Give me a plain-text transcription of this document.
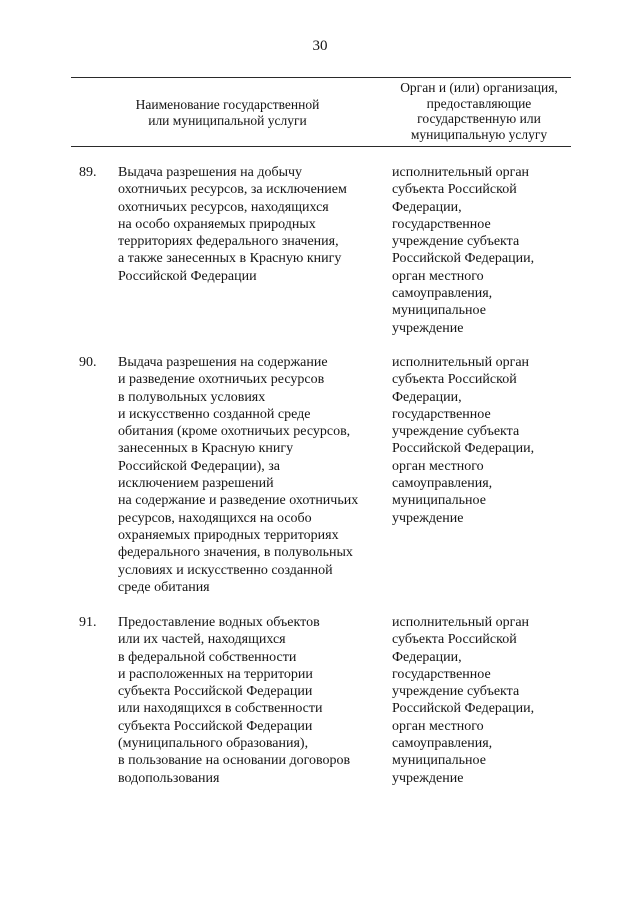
30
Наименование государственной
или муниципальной услуги
Орган и (или) организация,
предоставляющие
государственную или
муниципальную услугу
89. Выдача разрешения на добычу
охотничьих ресурсов, за исключением
охотничьих ресурсов, находящихся
на особо охраняемых природных
территориях федерального значения,
а также занесенных в Красную книгу
Российской Федерации
исполнительный орган
субъекта Российской
Федерации,
государственное
учреждение субъекта
Российской Федерации,
орган местного
самоуправления,
муниципальное
учреждение
90. Выдача разрешения на содержание
и разведение охотничьих ресурсов
в полувольных условиях
и искусственно созданной среде
обитания (кроме охотничьих ресурсов,
занесенных в Красную книгу
Российской Федерации), за
исключением разрешений
на содержание и разведение охотничьих
ресурсов, находящихся на особо
охраняемых природных территориях
федерального значения, в полувольных
условиях и искусственно созданной
среде обитания
исполнительный орган
субъекта Российской
Федерации,
государственное
учреждение субъекта
Российской Федерации,
орган местного
самоуправления,
муниципальное
учреждение
91. Предоставление водных объектов
или их частей, находящихся
в федеральной собственности
и расположенных на территории
субъекта Российской Федерации
или находящихся в собственности
субъекта Российской Федерации
(муниципального образования),
в пользование на основании договоров
водопользования
исполнительный орган
субъекта Российской
Федерации,
государственное
учреждение субъекта
Российской Федерации,
орган местного
самоуправления,
муниципальное
учреждение
